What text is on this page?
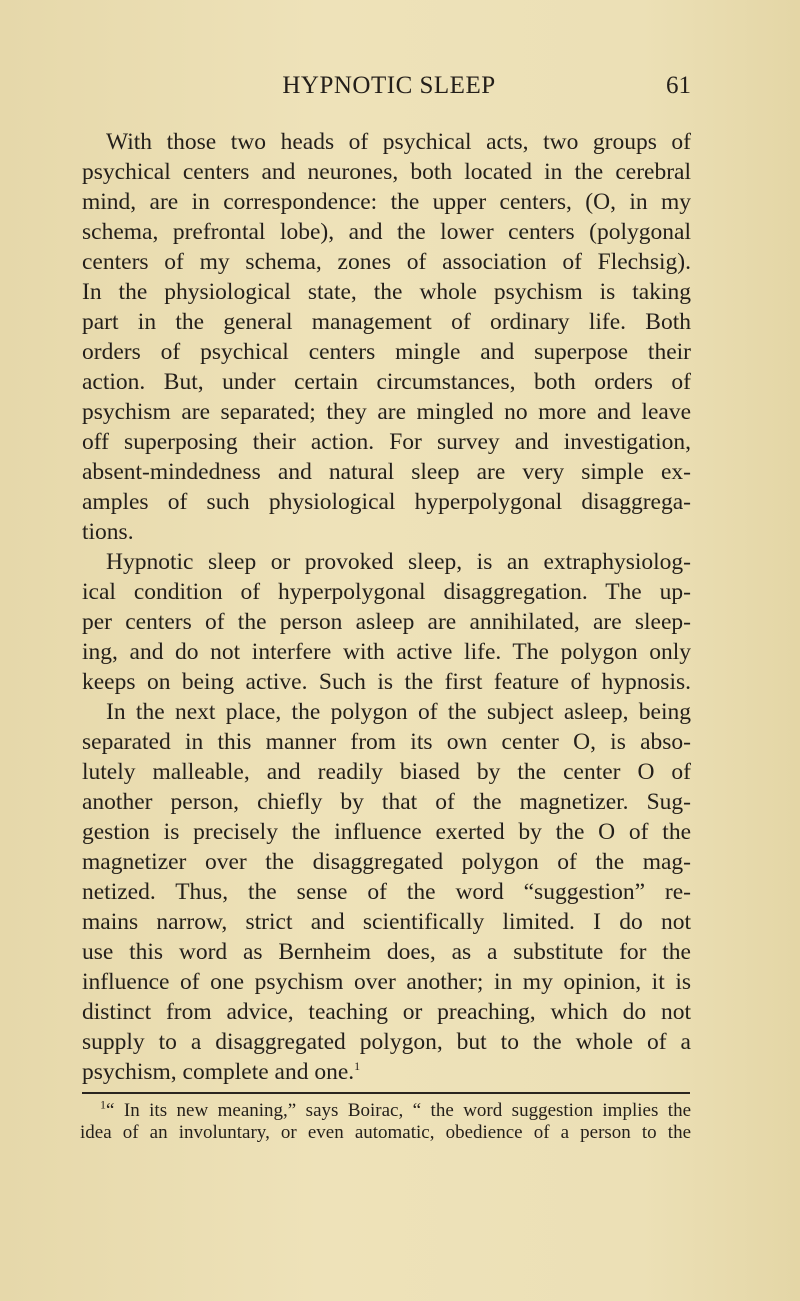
HYPNOTIC SLEEP	61
With those two heads of psychical acts, two groups of
psychical centers and neurones, both located in the cerebral
mind, are in correspondence: the upper centers, (O, in my
schema, prefrontal lobe), and the lower centers (polygonal
centers of my schema, zones of association of Flechsig).
In the physiological state, the whole psychism is taking
part in the general management of ordinary life. Both
orders of psychical centers mingle and superpose their
action. But, under certain circumstances, both orders of
psychism are separated; they are mingled no more and leave
off superposing their action. For survey and investigation,
absent-mindedness and natural sleep are very simple ex-
amples of such physiological hyperpolygonal disaggrega-
tions.
Hypnotic sleep or provoked sleep, is an extraphysiolog-
ical condition of hyperpolygonal disaggregation. The up-
per centers of the person asleep are annihilated, are sleep-
ing, and do not interfere with active life. The polygon only
keeps on being active. Such is the first feature of hypnosis.
In the next place, the polygon of the subject asleep, being
separated in this manner from its own center O, is abso-
lutely malleable, and readily biased by the center O of
another person, chiefly by that of the magnetizer. Sug-
gestion is precisely the influence exerted by the O of the
magnetizer over the disaggregated polygon of the mag-
netized. Thus, the sense of the word “suggestion” re-
mains narrow, strict and scientifically limited. I do not
use this word as Bernheim does, as a substitute for the
influence of one psychism over another; in my opinion, it is
distinct from advice, teaching or preaching, which do not
supply to a disaggregated polygon, but to the whole of a
psychism, complete and one.$^1$
$^1$“ In its new meaning,” says Boirac, “ the word suggestion implies the
idea of an involuntary, or even automatic, obedience of a person to the
